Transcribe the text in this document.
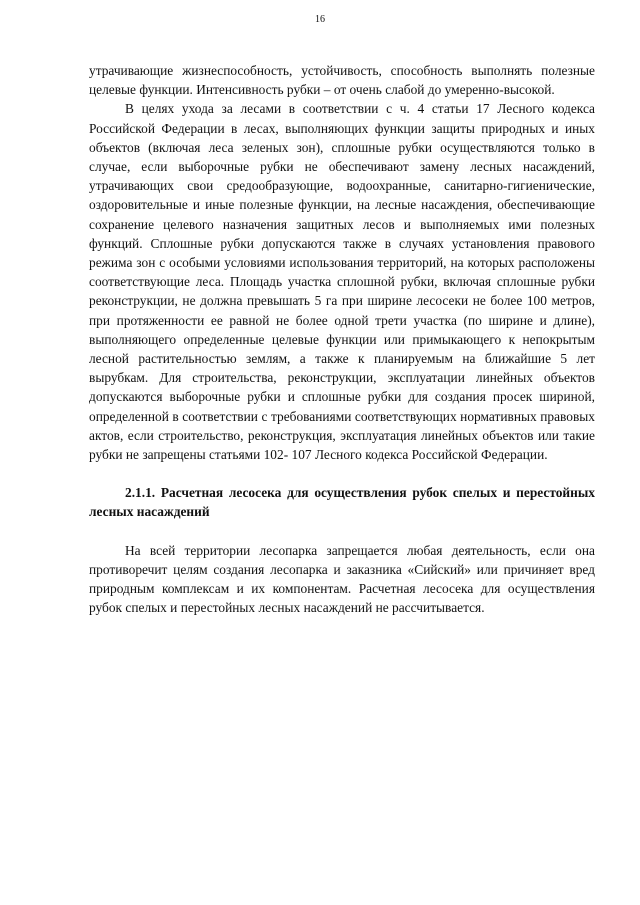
16

утрачивающие жизнеспособность, устойчивость, способность выполнять полезные целевые функции. Интенсивность рубки – от очень слабой до умеренно-высокой.

В целях ухода за лесами в соответствии с ч. 4 статьи 17 Лесного кодекса Российской Федерации в лесах, выполняющих функции защиты природных и иных объектов (включая леса зеленых зон), сплошные рубки осуществляются только в случае, если выборочные рубки не обеспечивают замену лесных насаждений, утрачивающих свои средообразующие, водоохранные, санитарно-гигиенические, оздоровительные и иные полезные функции, на лесные насаждения, обеспечивающие сохранение целевого назначения защитных лесов и выполняемых ими полезных функций. Сплошные рубки допускаются также в случаях установления правового режима зон с особыми условиями использования территорий, на которых расположены соответствующие леса. Площадь участка сплошной рубки, включая сплошные рубки реконструкции, не должна превышать 5 га при ширине лесосеки не более 100 метров, при протяженности ее равной не более одной трети участка (по ширине и длине), выполняющего определенные целевые функции или примыкающего к непокрытым лесной растительностью землям, а также к планируемым на ближайшие 5 лет вырубкам. Для строительства, реконструкции, эксплуатации линейных объектов допускаются выборочные рубки и сплошные рубки для создания просек шириной, определенной в соответствии с требованиями соответствующих нормативных правовых актов, если строительство, реконструкция, эксплуатация линейных объектов или такие рубки не запрещены статьями 102- 107 Лесного кодекса Российской Федерации.

2.1.1. Расчетная лесосека для осуществления рубок спелых и перестойных лесных насаждений

На всей территории лесопарка запрещается любая деятельность, если она противоречит целям создания лесопарка и заказника «Сийский» или причиняет вред природным комплексам и их компонентам. Расчетная лесосека для осуществления рубок спелых и перестойных лесных насаждений не рассчитывается.
